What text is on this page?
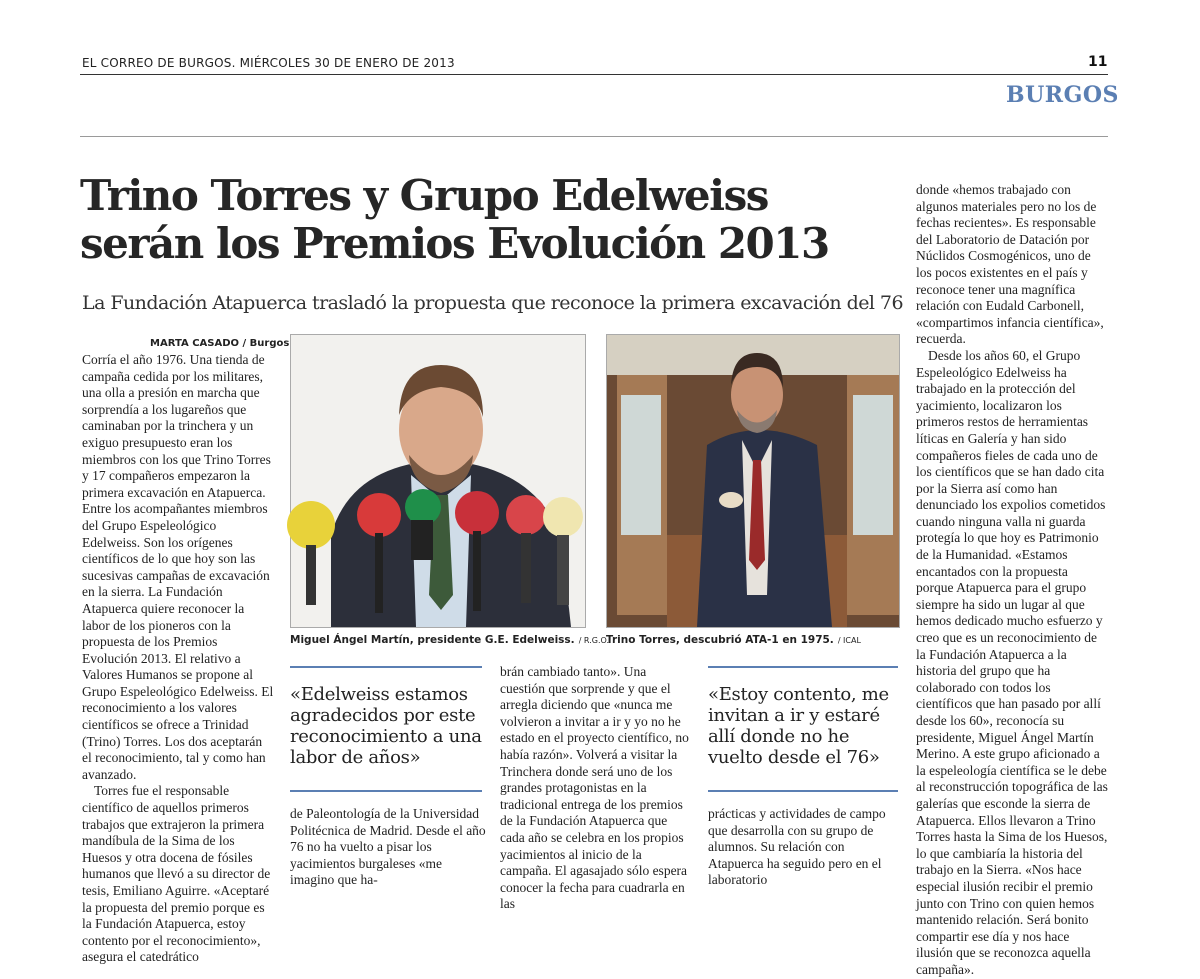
EL CORREO DE BURGOS. MIÉRCOLES 30 DE ENERO DE 2013	11
BURGOS
Trino Torres y Grupo Edelweiss
serán los Premios Evolución 2013
La Fundación Atapuerca trasladó la propuesta que reconoce la primera excavación del 76
MARTA CASADO / Burgos

Corría el año 1976. Una tienda de campaña cedida por los militares, una olla a presión en marcha que sorprendía a los lugareños que caminaban por la trinchera y un exiguo presupuesto eran los miembros con los que Trino Torres y 17 compañeros empezaron la primera excavación en Atapuerca. Entre los acompañantes miembros del Grupo Espeleológico Edelweiss. Son los orígenes científicos de lo que hoy son las sucesivas campañas de excavación en la sierra. La Fundación Atapuerca quiere reconocer la labor de los pioneros con la propuesta de los Premios Evolución 2013. El relativo a Valores Humanos se propone al Grupo Espeleológico Edelweiss. El reconocimiento a los valores científicos se ofrece a Trinidad (Trino) Torres. Los dos aceptarán el reconocimiento, tal y como han avanzado.

Torres fue el responsable científico de aquellos primeros trabajos que extrajeron la primera mandíbula de la Sima de los Huesos y otra docena de fósiles humanos que llevó a su director de tesis, Emiliano Aguirre. «Aceptaré la propuesta del premio porque es la Fundación Atapuerca, estoy contento por el reconocimiento», asegura el catedrático

Miguel Ángel Martín, presidente G.E. Edelweiss. / R.G.O.
Trino Torres, descubrió ATA-1 en 1975. / ICAL
«Edelweiss estamos agradecidos por este reconocimiento a una labor de años»

de Paleontología de la Universidad Politécnica de Madrid. Desde el año 76 no ha vuelto a pisar los yacimientos burgaleses «me imagino que ha-

brán cambiado tanto». Una cuestión que sorprende y que el arregla diciendo que «nunca me volvieron a invitar a ir y yo no he estado en el proyecto científico, no había razón». Volverá a visitar la Trinchera donde será uno de los grandes protagonistas en la tradicional entrega de los premios de la Fundación Atapuerca que cada año se celebra en los propios yacimientos al inicio de la campaña. El agasajado sólo espera conocer la fecha para cuadrarla en las

«Estoy contento, me invitan a ir y estaré allí donde no he vuelto desde el 76»

prácticas y actividades de campo que desarrolla con su grupo de alumnos. Su relación con Atapuerca ha seguido pero en el laboratorio

donde «hemos trabajado con algunos materiales pero no los de fechas recientes». Es responsable del Laboratorio de Datación por Núclidos Cosmogénicos, uno de los pocos existentes en el país y reconoce tener una magnífica relación con Eudald Carbonell, «compartimos infancia científica», recuerda.

Desde los años 60, el Grupo Espeleológico Edelweiss ha trabajado en la protección del yacimiento, localizaron los primeros restos de herramientas líticas en Galería y han sido compañeros fieles de cada uno de los científicos que se han dado cita por la Sierra así como han denunciado los expolios cometidos cuando ninguna valla ni guarda protegía lo que hoy es Patrimonio de la Humanidad. «Estamos encantados con la propuesta porque Atapuerca para el grupo siempre ha sido un lugar al que hemos dedicado mucho esfuerzo y creo que es un reconocimiento de la Fundación Atapuerca a la historia del grupo que ha colaborado con todos los científicos que han pasado por allí desde los 60», reconocía su presidente, Miguel Ángel Martín Merino. A este grupo aficionado a la espeleología científica se le debe al reconstrucción topográfica de las galerías que esconde la sierra de Atapuerca. Ellos llevaron a Trino Torres hasta la Sima de los Huesos, lo que cambiaría la historia del trabajo en la Sierra. «Nos hace especial ilusión recibir el premio junto con Trino con quien hemos mantenido relación. Será bonito compartir ese día y nos hace ilusión que se reconozca aquella campaña».
